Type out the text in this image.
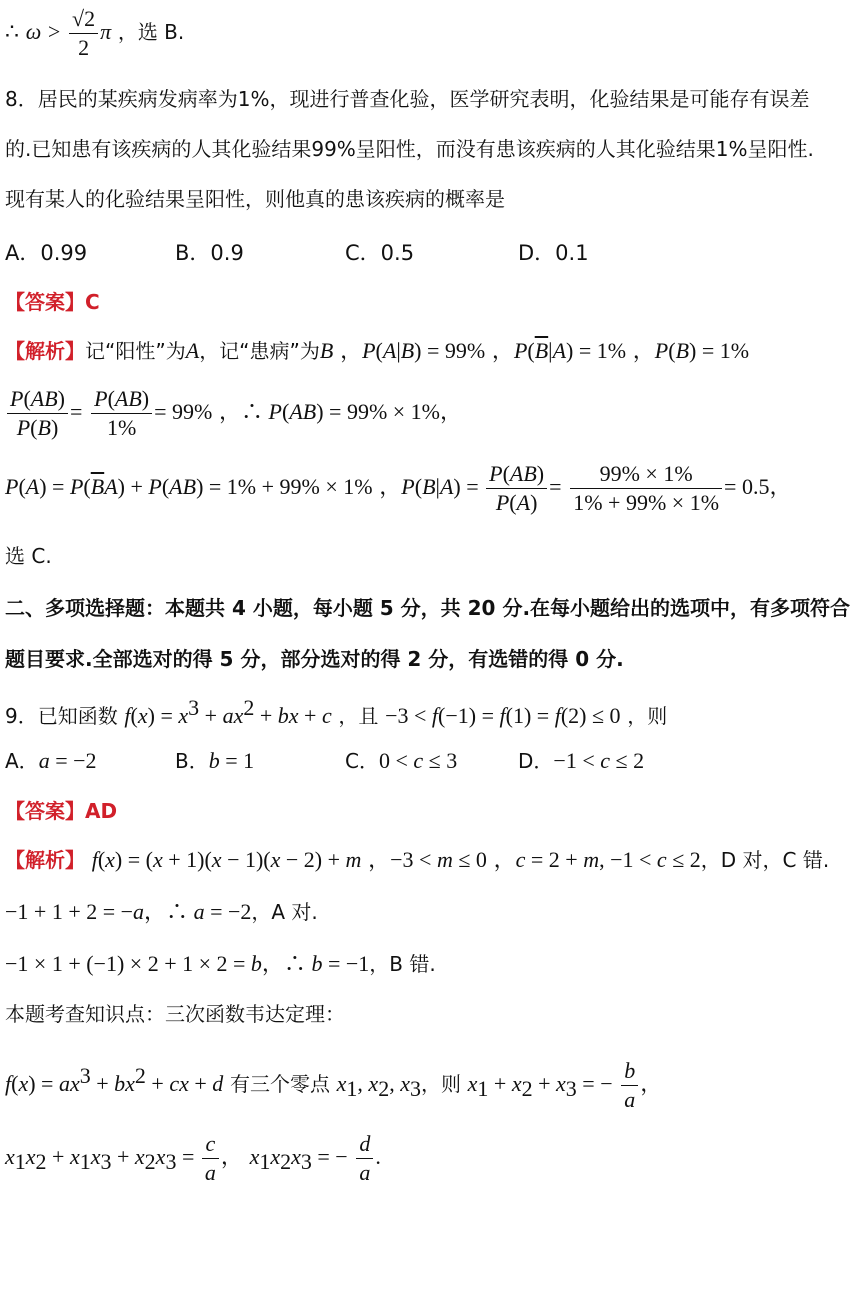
∴ $\omega > \frac{√2}{2}$ π ，选 B.
8．居民的某疾病发病率为1%，现进行普查化验，医学研究表明，化验结果是可能存有误差
的.已知患有该疾病的人其化验结果99%呈阳性，而没有患该疾病的人其化验结果1%呈阳性.
现有某人的化验结果呈阳性，则他真的患该疾病的概率是
A．0.99	B．0.9	C．0.5	D．0.1
【答案】C
【解析】记“阳性”为A，记“患病”为B ，P(A|B) = 99% ，$P(\overline{B}|A) = 1\%$ ，P(B) = 1%
$\frac{P(AB)}{P(B)} = \frac{P(AB)}{1\%} = 99\%$ ，∴ P(AB) = 99% × 1%，
$P(A) = P(\overline{B}A) + P(AB) = 1\% + 99\% \times 1\%$ ，$P(B|A) = \frac{P(AB)}{P(A)} = \frac{99\% \times 1\%}{1\% + 99\% \times 1\%} = 0.5$，
选 C.
二、多项选择题：本题共 4 小题，每小题 5 分，共 20 分.在每小题给出的选项中，有多项符合
题目要求.全部选对的得 5 分，部分选对的得 2 分，有选错的得 0 分.
9．已知函数 $f(x) = x^3 + ax^2$ + bx + c ，且 −3 < f(−1) = f(1) = f(2) ≤ 0 ，则
A．a = −2	B．b = 1	C．0 < c ≤ 3	D．−1 < c ≤ 2
【答案】AD
【解析】 f(x) = (x + 1)(x − 1)(x − 2) + m ，−3 < m ≤ 0 ，c = 2 + m, −1 < c ≤ 2，D 对，C 错.
−1 + 1 + 2 = −a，∴ a = −2，A 对.
−1 × 1 + (−1) × 2 + 1 × 2 = b，∴ b = −1，B 错.
本题考查知识点：三次函数韦达定理：
$f(x) = ax^3 + bx^2$ + cx + d 有三个零点 $x_1$, $x_2$, $x_3$，则 $x_1 + x_2 + x_3$ = − $\frac{b}{a}$ ，
$x_1x_2 + x_1x_3 + x_2x_3 = \frac{c}{a}$ ， $x_1x_2x_3$ = − $\frac{d}{a}$ .
